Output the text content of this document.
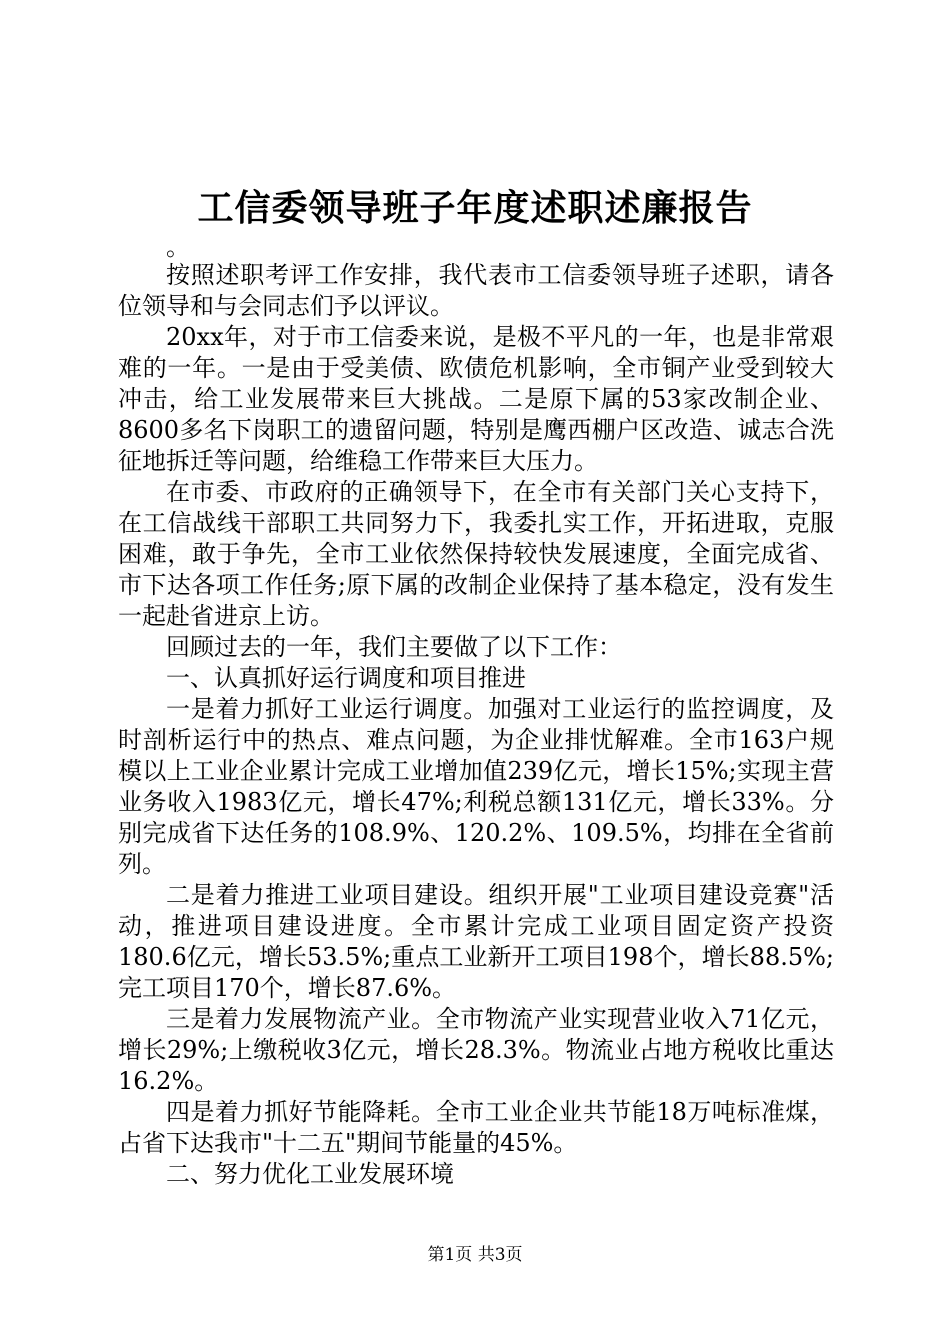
工信委领导班子年度述职述廉报告

。

按照述职考评工作安排，我代表市工信委领导班子述职，请各位领导和与会同志们予以评议。

20xx年，对于市工信委来说，是极不平凡的一年，也是非常艰难的一年。一是由于受美债、欧债危机影响，全市铜产业受到较大冲击，给工业发展带来巨大挑战。二是原下属的53家改制企业、8600多名下岗职工的遗留问题，特别是鹰西棚户区改造、诚志合洗征地拆迁等问题，给维稳工作带来巨大压力。

在市委、市政府的正确领导下，在全市有关部门关心支持下，在工信战线干部职工共同努力下，我委扎实工作，开拓进取，克服困难，敢于争先，全市工业依然保持较快发展速度，全面完成省、市下达各项工作任务;原下属的改制企业保持了基本稳定，没有发生一起赴省进京上访。

回顾过去的一年，我们主要做了以下工作：

一、认真抓好运行调度和项目推进

一是着力抓好工业运行调度。加强对工业运行的监控调度，及时剖析运行中的热点、难点问题，为企业排忧解难。全市163户规模以上工业企业累计完成工业增加值239亿元，增长15%;实现主营业务收入1983亿元，增长47%;利税总额131亿元，增长33%。分别完成省下达任务的108.9%、120.2%、109.5%，均排在全省前列。

二是着力推进工业项目建设。组织开展"工业项目建设竞赛"活动，推进项目建设进度。全市累计完成工业项目固定资产投资180.6亿元，增长53.5%;重点工业新开工项目198个，增长88.5%;完工项目170个，增长87.6%。

三是着力发展物流产业。全市物流产业实现营业收入71亿元，增长29%;上缴税收3亿元，增长28.3%。物流业占地方税收比重达16.2%。

四是着力抓好节能降耗。全市工业企业共节能18万吨标准煤，占省下达我市"十二五"期间节能量的45%。

二、努力优化工业发展环境

第1页 共3页
